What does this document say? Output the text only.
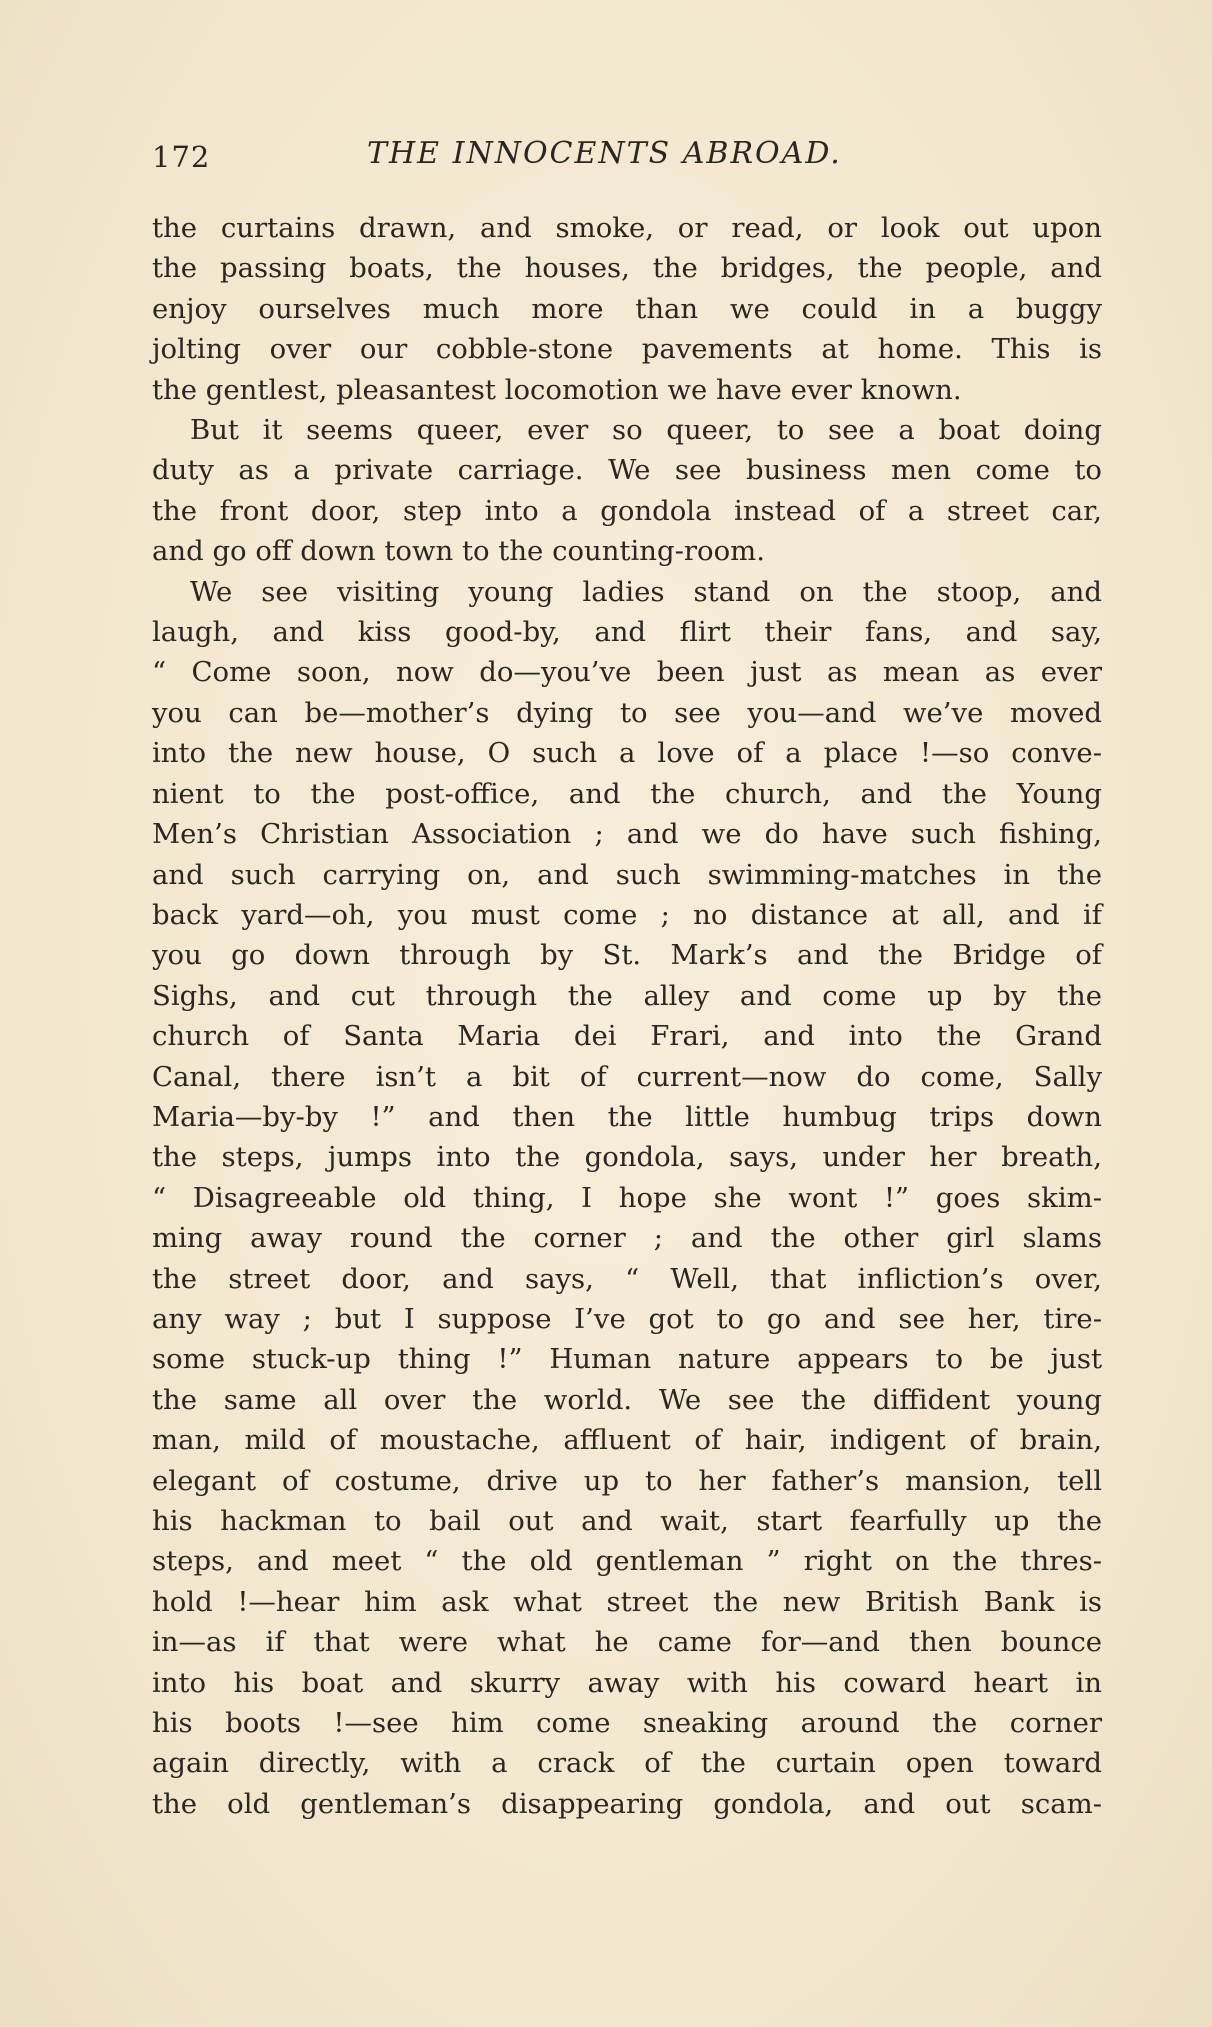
172	THE INNOCENTS ABROAD.
the curtains drawn, and smoke, or read, or look out upon
the passing boats, the houses, the bridges, the people, and
enjoy ourselves much more than we could in a buggy
jolting over our cobble-stone pavements at home. This is
the gentlest, pleasantest locomotion we have ever known.
But it seems queer, ever so queer, to see a boat doing
duty as a private carriage. We see business men come to
the front door, step into a gondola instead of a street car,
and go off down town to the counting-room.
We see visiting young ladies stand on the stoop, and
laugh, and kiss good-by, and flirt their fans, and say,
“ Come soon, now do—you’ve been just as mean as ever
you can be—mother’s dying to see you—and we’ve moved
into the new house, O such a love of a place !—so conve-
nient to the post-office, and the church, and the Young
Men’s Christian Association ; and we do have such fishing,
and such carrying on, and such swimming-matches in the
back yard—oh, you must come ; no distance at all, and if
you go down through by St. Mark’s and the Bridge of
Sighs, and cut through the alley and come up by the
church of Santa Maria dei Frari, and into the Grand
Canal, there isn’t a bit of current—now do come, Sally
Maria—by-by !” and then the little humbug trips down
the steps, jumps into the gondola, says, under her breath,
“ Disagreeable old thing, I hope she wont !” goes skim-
ming away round the corner ; and the other girl slams
the street door, and says, “ Well, that infliction’s over,
any way ; but I suppose I’ve got to go and see her, tire-
some stuck-up thing !” Human nature appears to be just
the same all over the world. We see the diffident young
man, mild of moustache, affluent of hair, indigent of brain,
elegant of costume, drive up to her father’s mansion, tell
his hackman to bail out and wait, start fearfully up the
steps, and meet “ the old gentleman ” right on the thres-
hold !—hear him ask what street the new British Bank is
in—as if that were what he came for—and then bounce
into his boat and skurry away with his coward heart in
his boots !—see him come sneaking around the corner
again directly, with a crack of the curtain open toward
the old gentleman’s disappearing gondola, and out scam-
